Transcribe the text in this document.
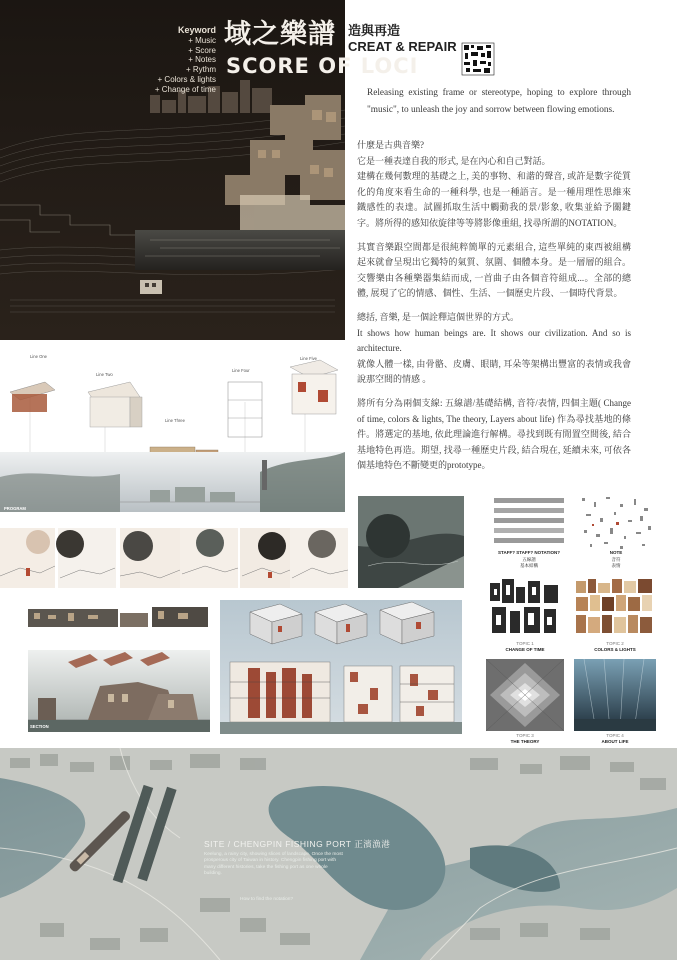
Keyword
+ Music
+ Score
+ Notes
+ Rythm
+ Colors & lights
+ Change of time
域之樂譜
SCORE OF LOCI
造與再造
CREAT & REPAIR

Releasing existing frame or stereotype, hoping to explore through "music", to unleash the joy and sorrow between flowing emotions.

什麼是古典音樂?

它是一種表達自我的形式, 是在內心和自己對話。

建構在幾何數理的基礎之上, 美的事物、和諧的聲音, 或許是數字從質化的角度來看生命的一種科學, 也是一種語言。是一種用理性思維來鐵感性的表達。試圖抓取生活中觸動我的景/影象, 收集並給予關鍵字。將所得的感知依旋律等等將影像重組, 找尋所謂的NOTATION。

其實音樂跟空間都是很純粹簡單的元素組合, 這些單純的東西被組構起來就會呈現出它獨特的氣質、氛圍、個體本身。是一層層的組合。交響樂由各種樂器集結而成, 一首曲子由各個音符組成...。全部的總體, 展現了它的情感、個性、生活、一個歷史片段、一個時代背景。

總括, 音樂, 是一個詮釋這個世界的方式。

It shows how human beings are. It shows our civilization. And so is architecture.

就像人體一樣, 由骨骼、皮膚、眼睛, 耳朵等架構出豐富的表情或我會說那空間的情感 。

將所有分為兩個支線: 五線譜/基礎結構, 音符/表情, 四個主題( Change of time, colors & lights, The theory, Layers about life) 作為尋找基地的條件。將選定的基地, 依此理論進行解構。尋找到既有閒置空間後, 結合基地特色再造。期望, 找尋一種歷史片段, 結合現在, 延續未來, 可依各個基地特色不斷變更的prototype。

Line One
Line Two
Line Three
Line Four
Line Five
PROGRAM
STAFF? STAFF? NOTATION?
五線譜
基本結構
NOTE
音符
表情
TOPIC 1
CHANGE OF TIME
TOPIC 2
COLORS & LIGHTS
TOPIC 3
THE THEORY
TOPIC 4
ABOUT LIFE
SECTION
SITE / CHENGPIN FISHING PORT 正濱漁港
Keelung, a rainy city, showing slices of landscape. Once the most prosperous city of Taiwan in history. Chengpin fishing port with many different histories, take the fishing port as one whole building.
How to find the notation?
